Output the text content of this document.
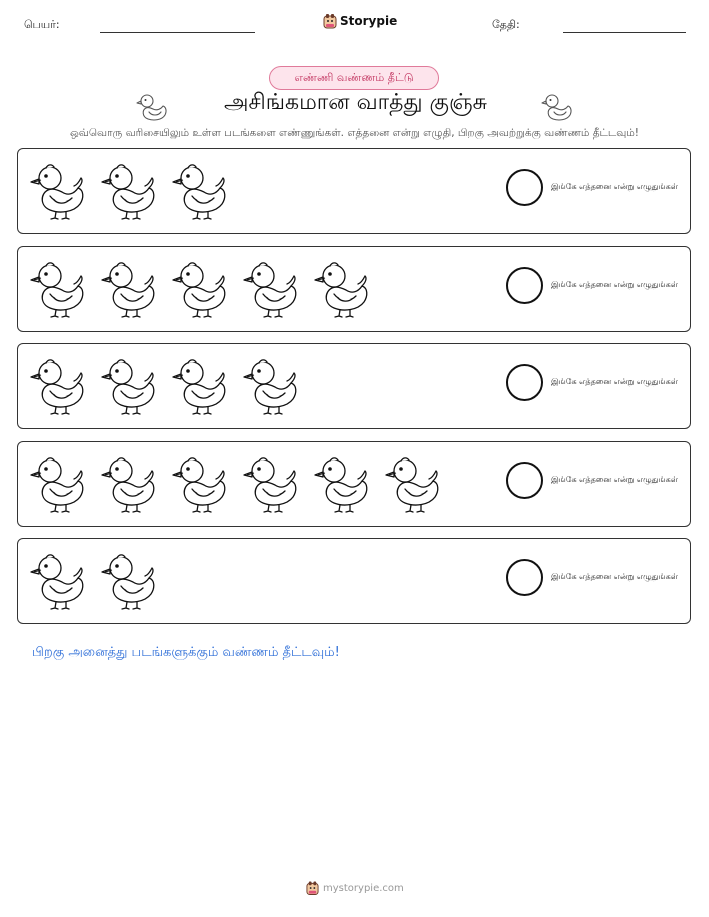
பெயர்:	Storypie	தேதி:
எண்ணி வண்ணம் தீட்டு
அசிங்கமான வாத்து குஞ்சு
ஒவ்வொரு வரிசையிலும் உள்ள படங்களை எண்ணுங்கள். எத்தனை என்று எழுதி, பிறகு அவற்றுக்கு வண்ணம் தீட்டவும்!
இங்கே எத்தனை என்று எழுதுங்கள்
இங்கே எத்தனை என்று எழுதுங்கள்
இங்கே எத்தனை என்று எழுதுங்கள்
இங்கே எத்தனை என்று எழுதுங்கள்
இங்கே எத்தனை என்று எழுதுங்கள்
பிறகு அனைத்து படங்களுக்கும் வண்ணம் தீட்டவும்!
mystorypie.com
